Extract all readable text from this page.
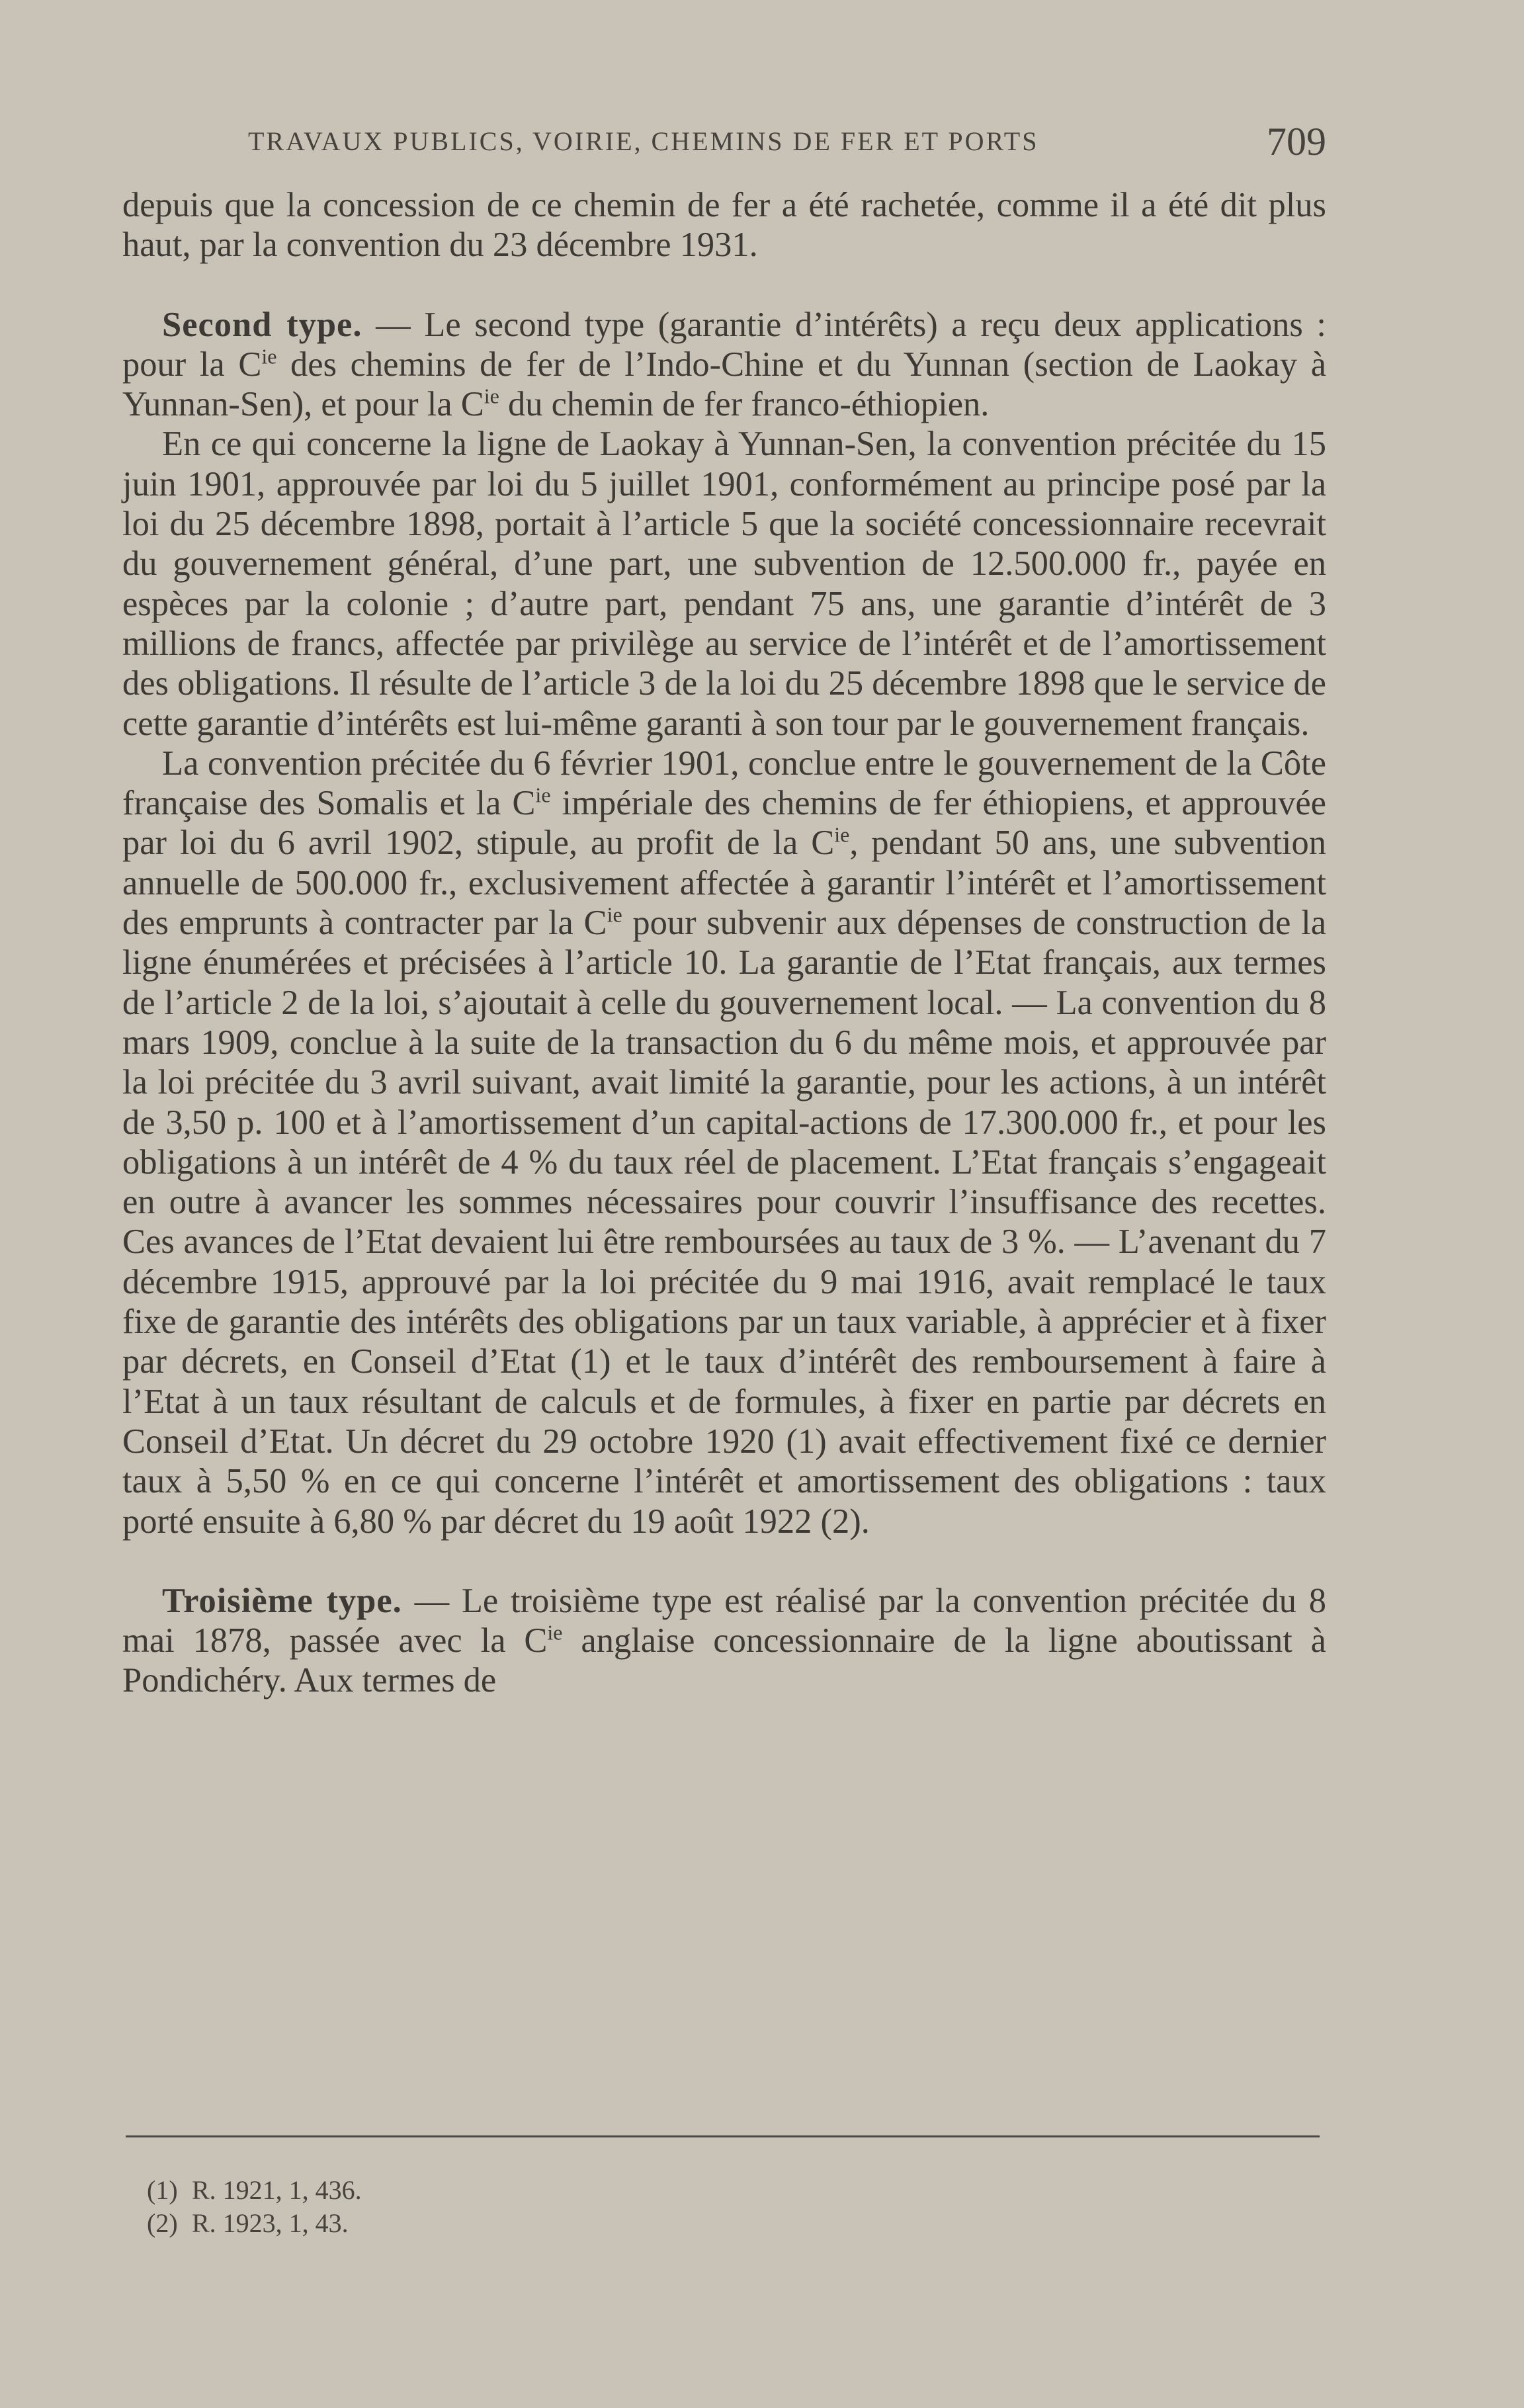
TRAVAUX PUBLICS, VOIRIE, CHEMINS DE FER ET PORTS	709

depuis que la concession de ce chemin de fer a été rachetée, comme il a été dit plus haut, par la convention du 23 décembre 1931.

Second type. — Le second type (garantie d’intérêts) a reçu deux applications : pour la $C^{ie}$ des chemins de fer de l’Indo-Chine et du Yunnan (section de Laokay à Yunnan-Sen), et pour la $C^{ie}$ du chemin de fer franco-éthiopien.

En ce qui concerne la ligne de Laokay à Yunnan-Sen, la convention précitée du 15 juin 1901, approuvée par loi du 5 juillet 1901, conformément au principe posé par la loi du 25 décembre 1898, portait à l’article 5 que la société concessionnaire recevrait du gouvernement général, d’une part, une subvention de 12.500.000 fr., payée en espèces par la colonie ; d’autre part, pendant 75 ans, une garantie d’intérêt de 3 millions de francs, affectée par privilège au service de l’intérêt et de l’amortissement des obligations. Il résulte de l’article 3 de la loi du 25 décembre 1898 que le service de cette garantie d’intérêts est lui-même garanti à son tour par le gouvernement français.

La convention précitée du 6 février 1901, conclue entre le gouvernement de la Côte française des Somalis et la $C^{ie}$ impériale des chemins de fer éthiopiens, et approuvée par loi du 6 avril 1902, stipule, au profit de la $C^{ie}$, pendant 50 ans, une subvention annuelle de 500.000 fr., exclusivement affectée à garantir l’intérêt et l’amortissement des emprunts à contracter par la $C^{ie}$ pour subvenir aux dépenses de construction de la ligne énumérées et précisées à l’article 10. La garantie de l’Etat français, aux termes de l’article 2 de la loi, s’ajoutait à celle du gouvernement local. — La convention du 8 mars 1909, conclue à la suite de la transaction du 6 du même mois, et approuvée par la loi précitée du 3 avril suivant, avait limité la garantie, pour les actions, à un intérêt de 3,50 p. 100 et à l’amortissement d’un capital-actions de 17.300.000 fr., et pour les obligations à un intérêt de 4 % du taux réel de placement. L’Etat français s’engageait en outre à avancer les sommes nécessaires pour couvrir l’insuffisance des recettes. Ces avances de l’Etat devaient lui être remboursées au taux de 3 %. — L’avenant du 7 décembre 1915, approuvé par la loi précitée du 9 mai 1916, avait remplacé le taux fixe de garantie des intérêts des obligations par un taux variable, à apprécier et à fixer par décrets, en Conseil d’Etat (1) et le taux d’intérêt des remboursement à faire à l’Etat à un taux résultant de calculs et de formules, à fixer en partie par décrets en Conseil d’Etat. Un décret du 29 octobre 1920 (1) avait effectivement fixé ce dernier taux à 5,50 % en ce qui concerne l’intérêt et amortissement des obligations : taux porté ensuite à 6,80 % par décret du 19 août 1922 (2).

Troisième type. — Le troisième type est réalisé par la convention précitée du 8 mai 1878, passée avec la $C^{ie}$ anglaise concessionnaire de la ligne aboutissant à Pondichéry. Aux termes de

(1) R. 1921, 1, 436.
(2) R. 1923, 1, 43.
